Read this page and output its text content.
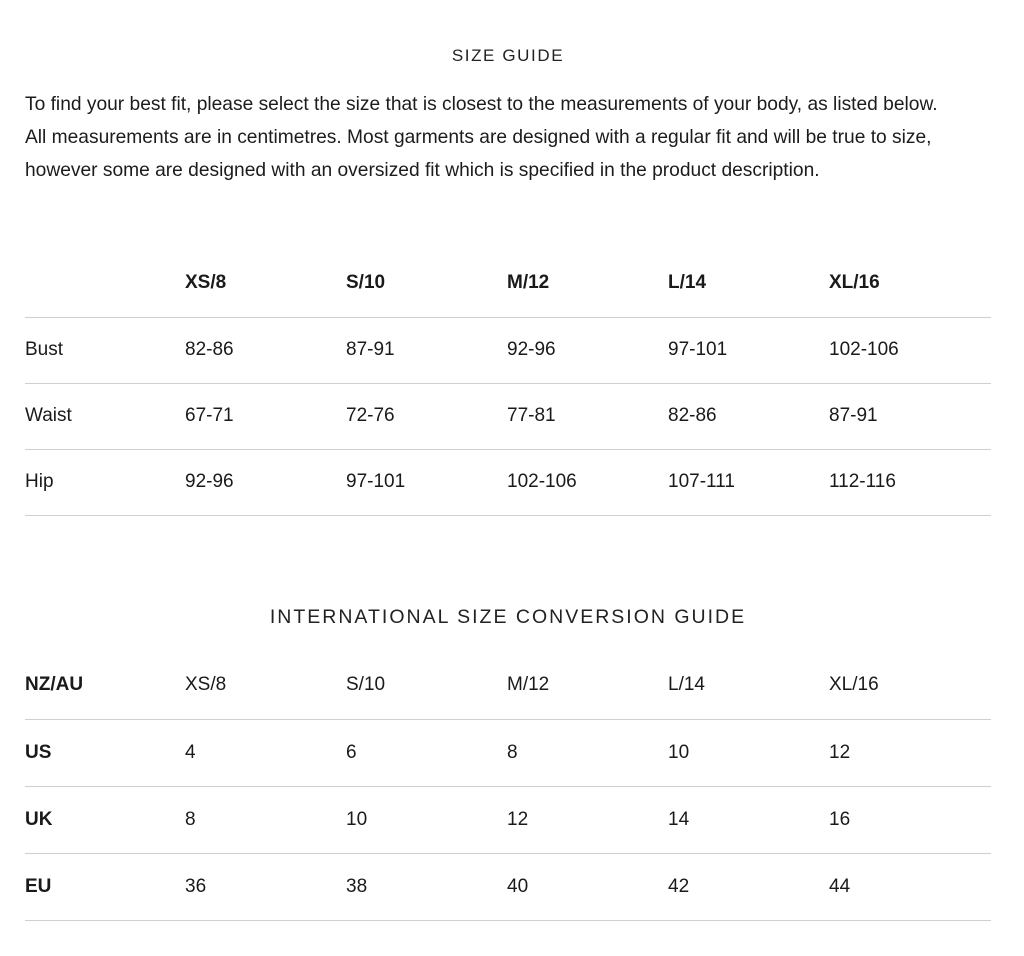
SIZE GUIDE

To find your best fit, please select the size that is closest to the measurements of your body, as listed below.
All measurements are in centimetres. Most garments are designed with a regular fit and will be true to size,
however some are designed with an oversized fit which is specified in the product description.

	XS/8	S/10	M/12	L/14	XL/16
Bust	82-86	87-91	92-96	97-101	102-106
Waist	67-71	72-76	77-81	82-86	87-91
Hip	92-96	97-101	102-106	107-111	112-116
INTERNATIONAL SIZE CONVERSION GUIDE
NZ/AU	XS/8	S/10	M/12	L/14	XL/16
US	4	6	8	10	12
UK	8	10	12	14	16
EU	36	38	40	42	44
